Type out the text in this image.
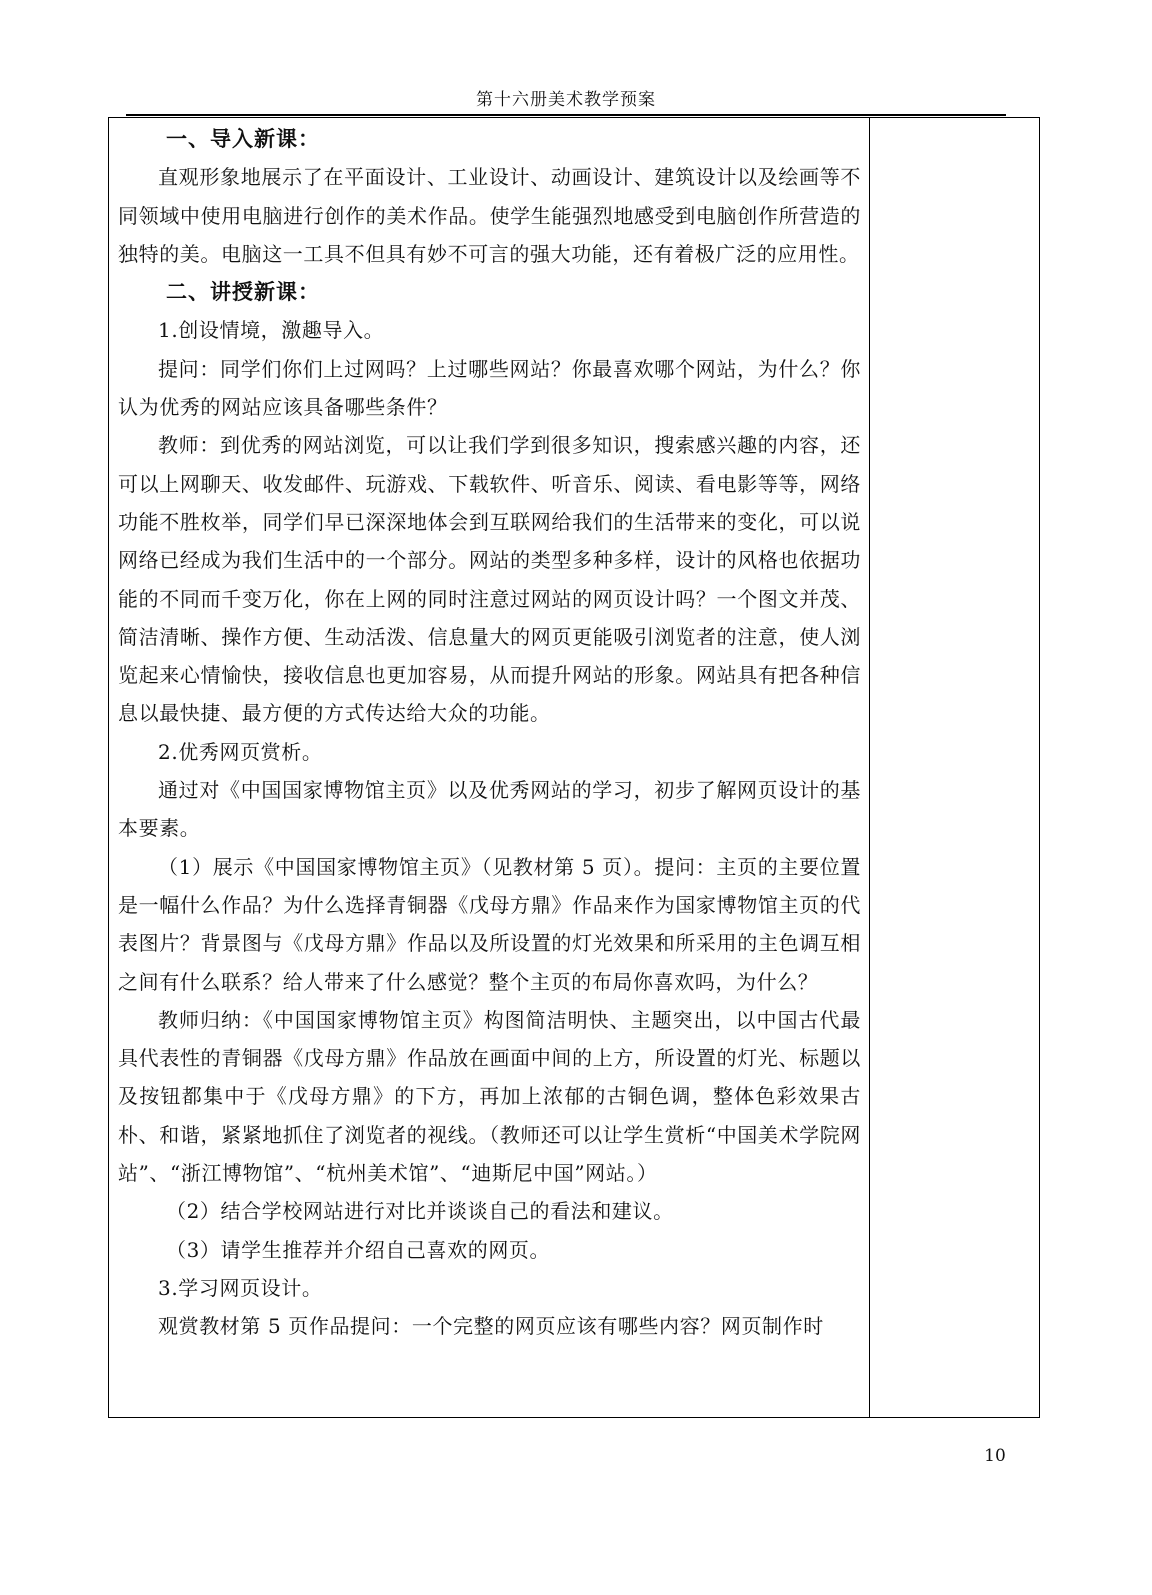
第十六册美术教学预案

一、导入新课：

直观形象地展示了在平面设计、工业设计、动画设计、建筑设计以及绘画等不同领域中使用电脑进行创作的美术作品。使学生能强烈地感受到电脑创作所营造的独特的美。电脑这一工具不但具有妙不可言的强大功能，还有着极广泛的应用性。

二、讲授新课：

1.创设情境，激趣导入。

提问：同学们你们上过网吗？上过哪些网站？你最喜欢哪个网站，为什么？你认为优秀的网站应该具备哪些条件？

教师：到优秀的网站浏览，可以让我们学到很多知识，搜索感兴趣的内容，还可以上网聊天、收发邮件、玩游戏、下载软件、听音乐、阅读、看电影等等，网络功能不胜枚举，同学们早已深深地体会到互联网给我们的生活带来的变化，可以说网络已经成为我们生活中的一个部分。网站的类型多种多样，设计的风格也依据功能的不同而千变万化，你在上网的同时注意过网站的网页设计吗？一个图文并茂、简洁清晰、操作方便、生动活泼、信息量大的网页更能吸引浏览者的注意，使人浏览起来心情愉快，接收信息也更加容易，从而提升网站的形象。网站具有把各种信息以最快捷、最方便的方式传达给大众的功能。

2.优秀网页赏析。

通过对《中国国家博物馆主页》以及优秀网站的学习，初步了解网页设计的基本要素。

（1）展示《中国国家博物馆主页》（见教材第 5 页）。提问：主页的主要位置是一幅什么作品？为什么选择青铜器《戊母方鼎》作品来作为国家博物馆主页的代表图片？背景图与《戊母方鼎》作品以及所设置的灯光效果和所采用的主色调互相之间有什么联系？给人带来了什么感觉？整个主页的布局你喜欢吗，为什么？

教师归纳：《中国国家博物馆主页》构图简洁明快、主题突出，以中国古代最具代表性的青铜器《戊母方鼎》作品放在画面中间的上方，所设置的灯光、标题以及按钮都集中于《戊母方鼎》的下方，再加上浓郁的古铜色调，整体色彩效果古朴、和谐，紧紧地抓住了浏览者的视线。（教师还可以让学生赏析“中国美术学院网站”、“浙江博物馆”、“杭州美术馆”、“迪斯尼中国”网站。）

（2）结合学校网站进行对比并谈谈自己的看法和建议。

（3）请学生推荐并介绍自己喜欢的网页。

3.学习网页设计。

观赏教材第 5 页作品提问：一个完整的网页应该有哪些内容？网页制作时

10
